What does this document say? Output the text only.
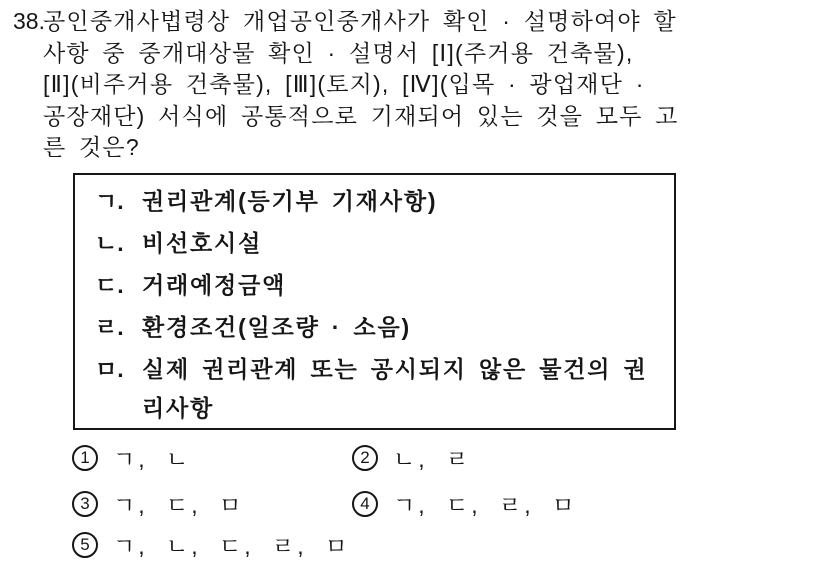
38.
공인중개사법령상 개업공인중개사가 확인 · 설명하여야 할
사항 중 중개대상물 확인 · 설명서 [Ⅰ](주거용 건축물),
[Ⅱ](비주거용 건축물), [Ⅲ](토지), [Ⅳ](입목 · 광업재단 ·
공장재단) 서식에 공통적으로 기재되어 있는 것을 모두 고
른 것은?
ㄱ. 권리관계(등기부 기재사항)
ㄴ. 비선호시설
ㄷ. 거래예정금액
ㄹ. 환경조건(일조량 · 소음)
ㅁ. 실제 권리관계 또는 공시되지 않은 물건의 권
리사항
1	ㄱ, ㄴ	2	ㄴ, ㄹ
3	ㄱ, ㄷ, ㅁ	4	ㄱ, ㄷ, ㄹ, ㅁ
5	ㄱ, ㄴ, ㄷ, ㄹ, ㅁ
